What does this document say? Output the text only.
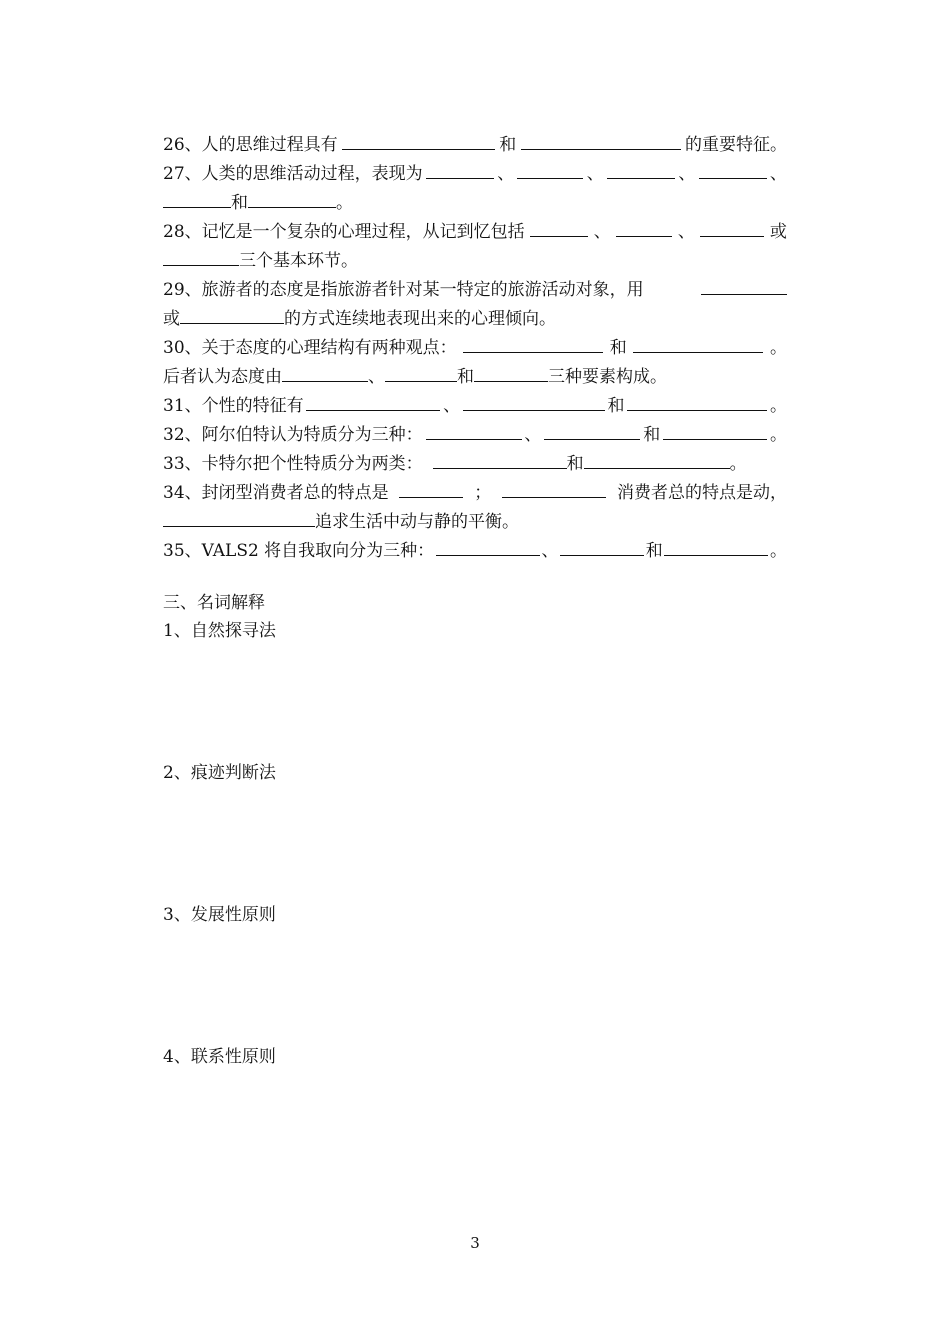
26、人的思维过程具有	和	的重要特征。
27、人类的思维活动过程，表现为	、	、	、	、
和	。
28、记忆是一个复杂的心理过程，从记到忆包括	、	、	或
三个基本环节。
29、旅游者的态度是指旅游者针对某一特定的旅游活动对象，用
或	的方式连续地表现出来的心理倾向。
30、关于态度的心理结构有两种观点：	和	。
后者认为态度由	、	和	三种要素构成。
31、个性的特征有	、	和	。
32、阿尔伯特认为特质分为三种：	、	和	。
33、卡特尔把个性特质分为两类：	和	。
34、封闭型消费者总的特点是	；	消费者总的特点是动，
追求生活中动与静的平衡。
35、VALS2 将自我取向分为三种：	、	和	。
三、名词解释
1、自然探寻法
2、痕迹判断法
3、发展性原则
4、联系性原则
3
